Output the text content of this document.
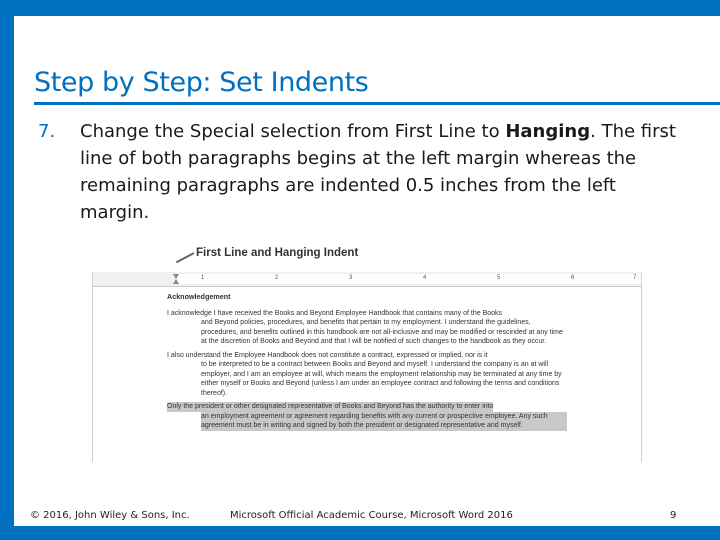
Step by Step: Set Indents
7. Change the Special selection from First Line to Hanging. The first line of both paragraphs begins at the left margin whereas the remaining paragraphs are indented 0.5 inches from the left margin.
First Line and Hanging Indent
1	2	3	4	5	6	7
Acknowledgement
I acknowledge I have received the Books and Beyond Employee Handbook that contains many of the Books
and Beyond policies, procedures, and benefits that pertain to my employment. I understand the guidelines, procedures, and benefits outlined in this handbook are not all-inclusive and may be modified or rescinded at any time at the discretion of Books and Beyond and that I will be notified of such changes to the handbook as they occur.
I also understand the Employee Handbook does not constitute a contract, expressed or implied, nor is it
to be interpreted to be a contract between Books and Beyond and myself. I understand the company is an at will employer, and I am an employee at will, which means the employment relationship may be terminated at any time by either myself or Books and Beyond (unless I am under an employee contract and following the terms and conditions thereof).
Only the president or other designated representative of Books and Beyond has the authority to enter into
an employment agreement or agreement regarding benefits with any current or prospective employee. Any such agreement must be in writing and signed by both the president or designated representative and myself.
© 2016, John Wiley & Sons, Inc.	Microsoft Official Academic Course, Microsoft Word 2016	9
